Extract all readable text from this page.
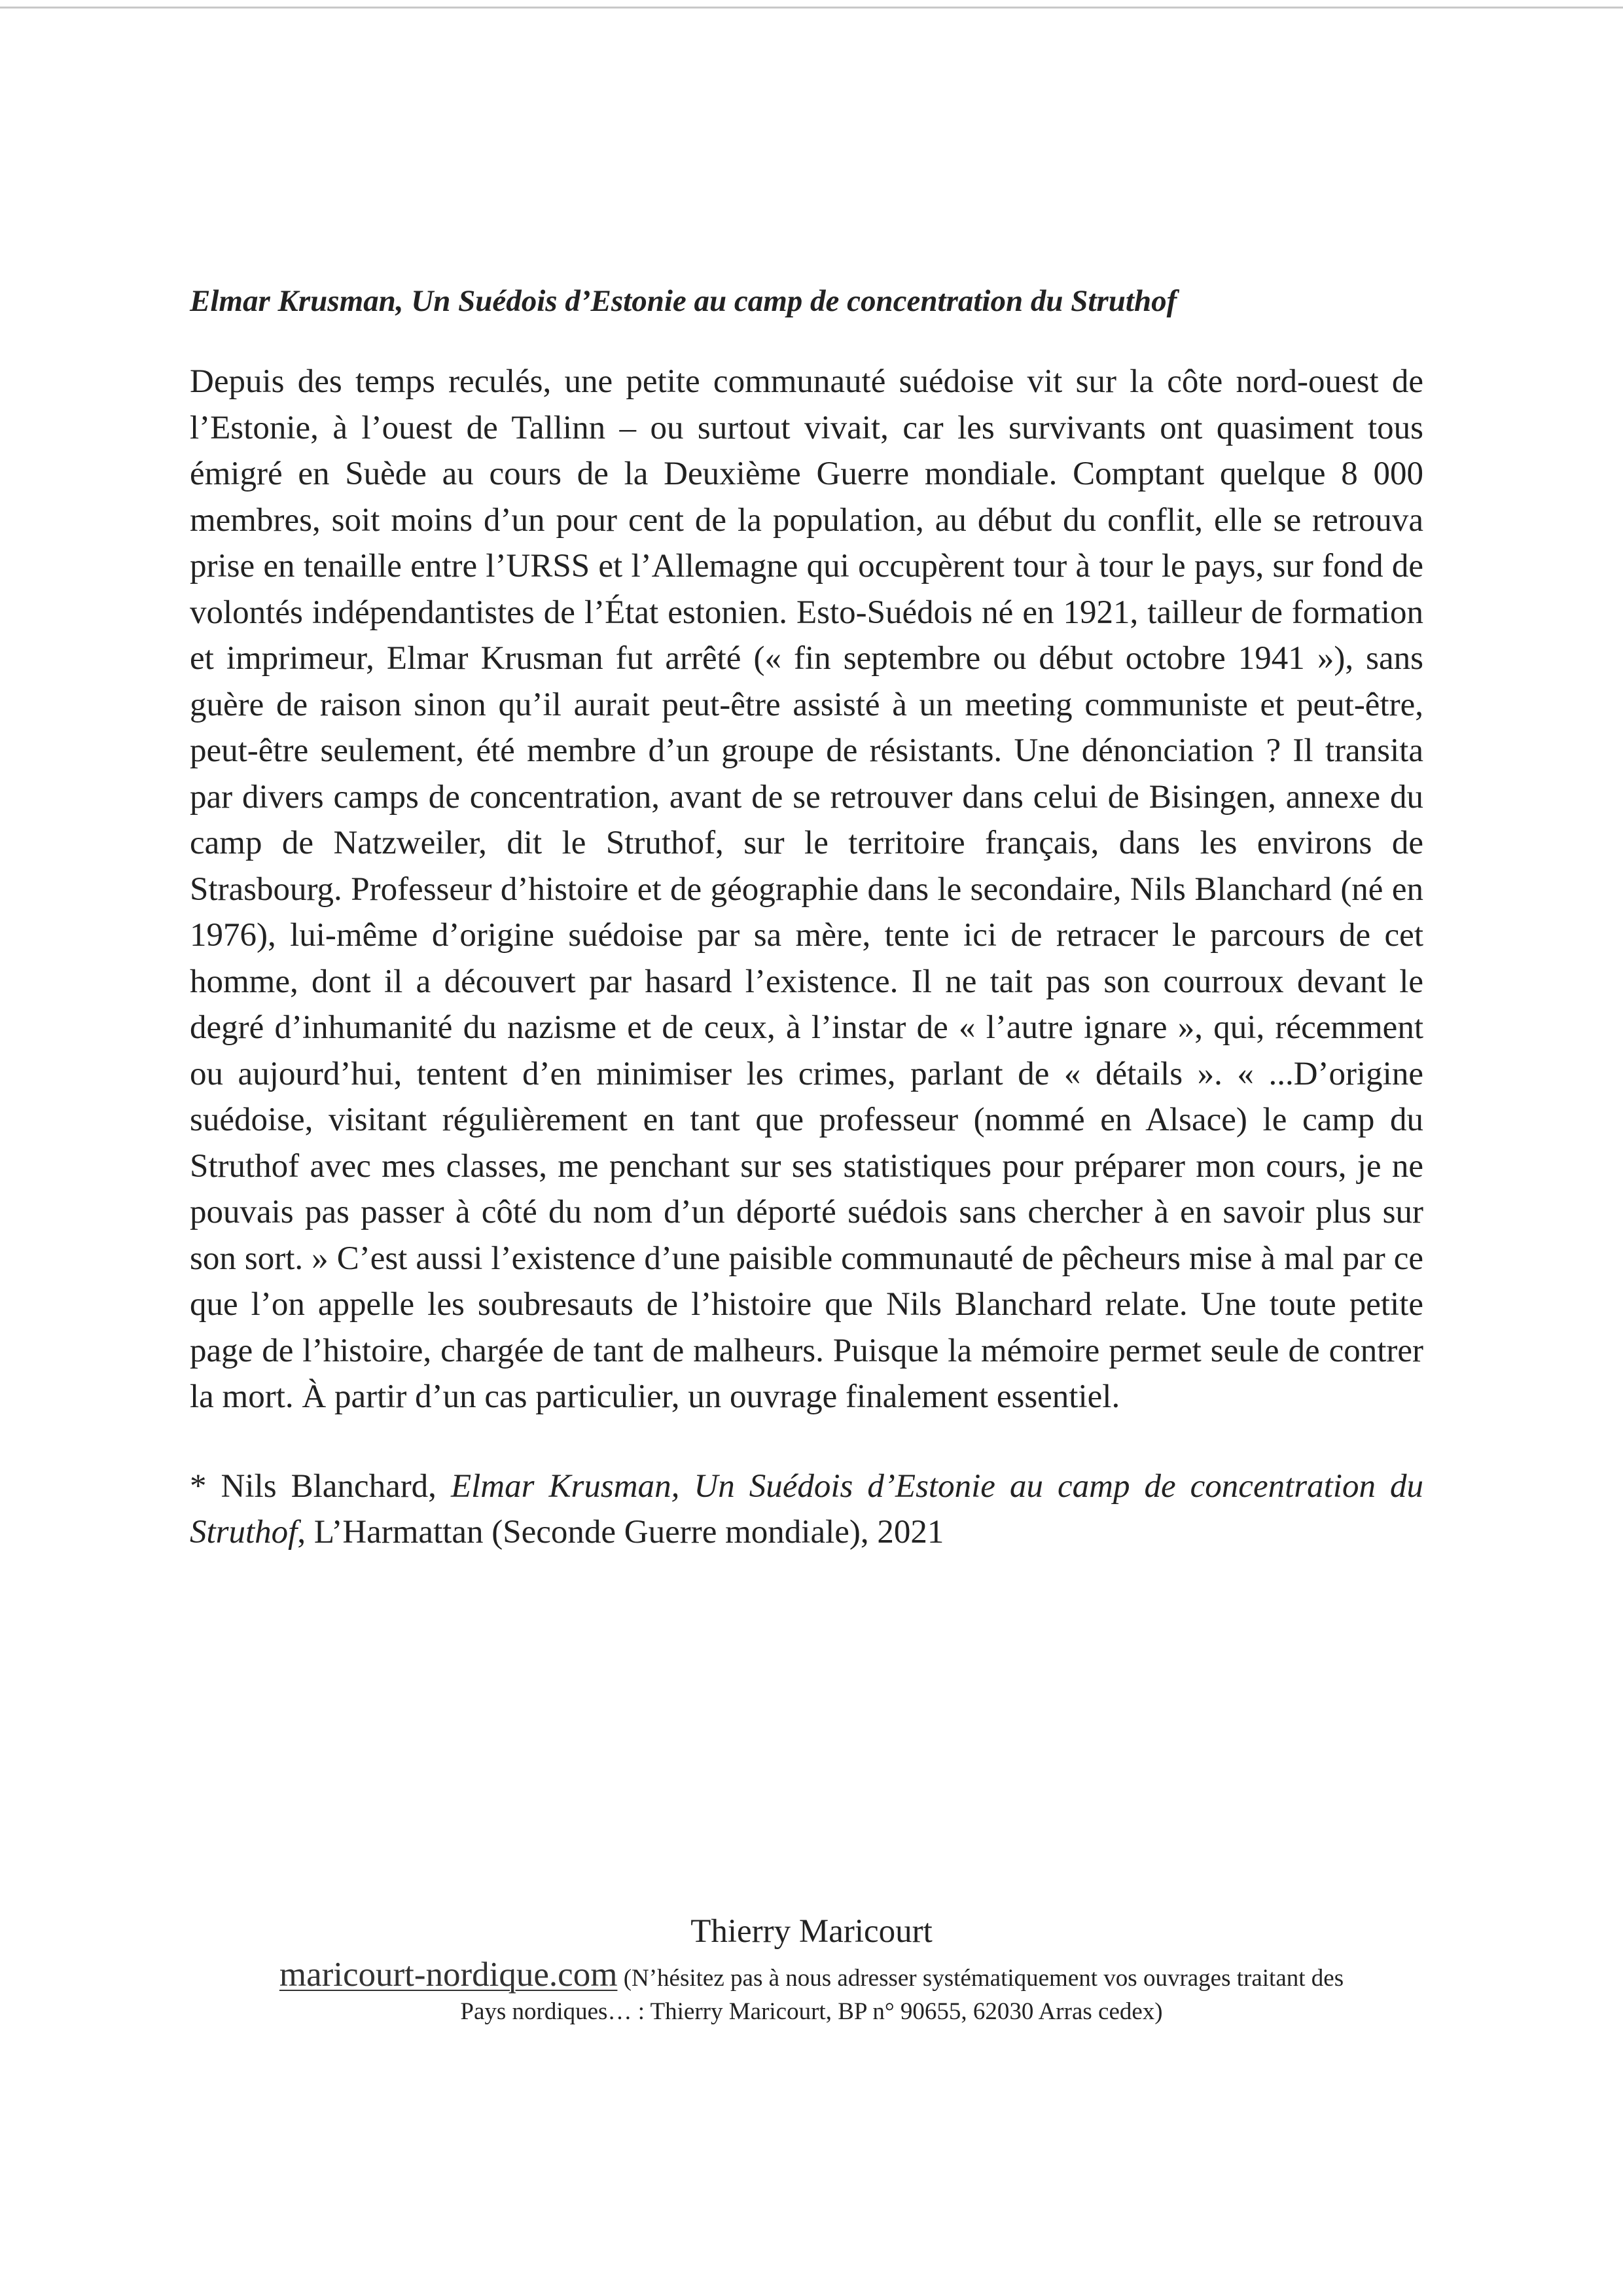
Elmar Krusman, Un Suédois d’Estonie au camp de concentration du Struthof

Depuis des temps reculés, une petite communauté suédoise vit sur la côte nord-ouest de l’Estonie, à l’ouest de Tallinn – ou surtout vivait, car les survivants ont quasiment tous émigré en Suède au cours de la Deuxième Guerre mondiale. Comptant quelque 8 000 membres, soit moins d’un pour cent de la population, au début du conflit, elle se retrouva prise en tenaille entre l’URSS et l’Allemagne qui occupèrent tour à tour le pays, sur fond de volontés indépendantistes de l’État estonien. Esto-Suédois né en 1921, tailleur de formation et imprimeur, Elmar Krusman fut arrêté (« fin septembre ou début octobre 1941 »), sans guère de raison sinon qu’il aurait peut-être assisté à un meeting communiste et peut-être, peut-être seulement, été membre d’un groupe de résistants. Une dénonciation ? Il transita par divers camps de concentration, avant de se retrouver dans celui de Bisingen, annexe du camp de Natzweiler, dit le Struthof, sur le territoire français, dans les environs de Strasbourg. Professeur d’histoire et de géographie dans le secondaire, Nils Blanchard (né en 1976), lui-même d’origine suédoise par sa mère, tente ici de retracer le parcours de cet homme, dont il a découvert par hasard l’existence. Il ne tait pas son courroux devant le degré d’inhumanité du nazisme et de ceux, à l’instar de « l’autre ignare », qui, récemment ou aujourd’hui, tentent d’en minimiser les crimes, parlant de « détails ». « ...D’origine suédoise, visitant régulièrement en tant que professeur (nommé en Alsace) le camp du Struthof avec mes classes, me penchant sur ses statistiques pour préparer mon cours, je ne pouvais pas passer à côté du nom d’un déporté suédois sans chercher à en savoir plus sur son sort. » C’est aussi l’existence d’une paisible communauté de pêcheurs mise à mal par ce que l’on appelle les soubresauts de l’histoire que Nils Blanchard relate. Une toute petite page de l’histoire, chargée de tant de malheurs. Puisque la mémoire permet seule de contrer la mort. À partir d’un cas particulier, un ouvrage finalement essentiel.

* Nils Blanchard, Elmar Krusman, Un Suédois d’Estonie au camp de concentration du Struthof, L’Harmattan (Seconde Guerre mondiale), 2021

Thierry Maricourt
maricourt-nordique.com (N’hésitez pas à nous adresser systématiquement vos ouvrages traitant des
Pays nordiques… : Thierry Maricourt, BP n° 90655, 62030 Arras cedex)
